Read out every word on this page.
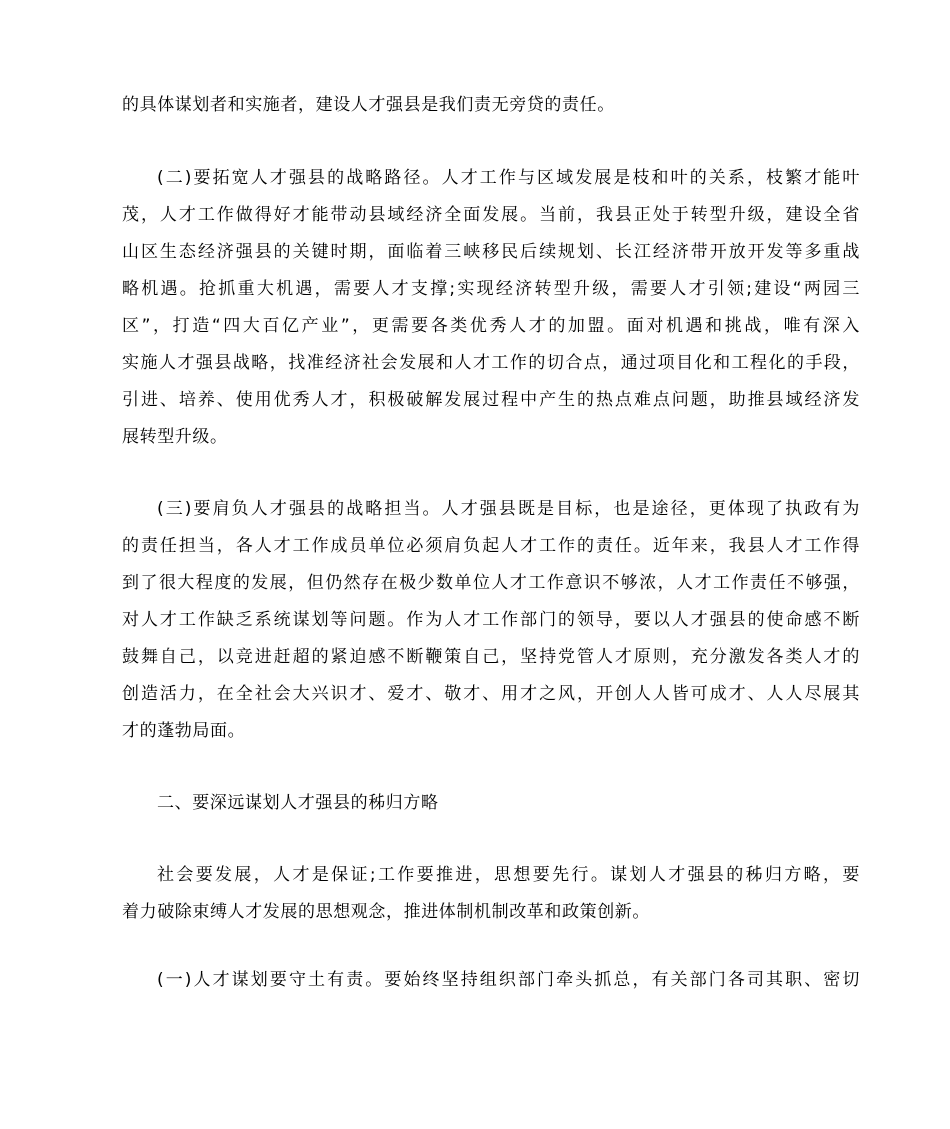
的具体谋划者和实施者，建设人才强县是我们责无旁贷的责任。
(二)要拓宽人才强县的战略路径。人才工作与区域发展是枝和叶的关系，枝繁才能叶
茂，人才工作做得好才能带动县域经济全面发展。当前，我县正处于转型升级，建设全省
山区生态经济强县的关键时期，面临着三峡移民后续规划、长江经济带开放开发等多重战
略机遇。抢抓重大机遇，需要人才支撑;实现经济转型升级，需要人才引领;建设“两园三
区”，打造“四大百亿产业”，更需要各类优秀人才的加盟。面对机遇和挑战，唯有深入
实施人才强县战略，找准经济社会发展和人才工作的切合点，通过项目化和工程化的手段，
引进、培养、使用优秀人才，积极破解发展过程中产生的热点难点问题，助推县域经济发
展转型升级。
(三)要肩负人才强县的战略担当。人才强县既是目标，也是途径，更体现了执政有为
的责任担当，各人才工作成员单位必须肩负起人才工作的责任。近年来，我县人才工作得
到了很大程度的发展，但仍然存在极少数单位人才工作意识不够浓，人才工作责任不够强，
对人才工作缺乏系统谋划等问题。作为人才工作部门的领导，要以人才强县的使命感不断
鼓舞自己，以竞进赶超的紧迫感不断鞭策自己，坚持党管人才原则，充分激发各类人才的
创造活力，在全社会大兴识才、爱才、敬才、用才之风，开创人人皆可成才、人人尽展其
才的蓬勃局面。
二、要深远谋划人才强县的秭归方略
社会要发展，人才是保证;工作要推进，思想要先行。谋划人才强县的秭归方略，要
着力破除束缚人才发展的思想观念，推进体制机制改革和政策创新。
(一)人才谋划要守土有责。要始终坚持组织部门牵头抓总，有关部门各司其职、密切
